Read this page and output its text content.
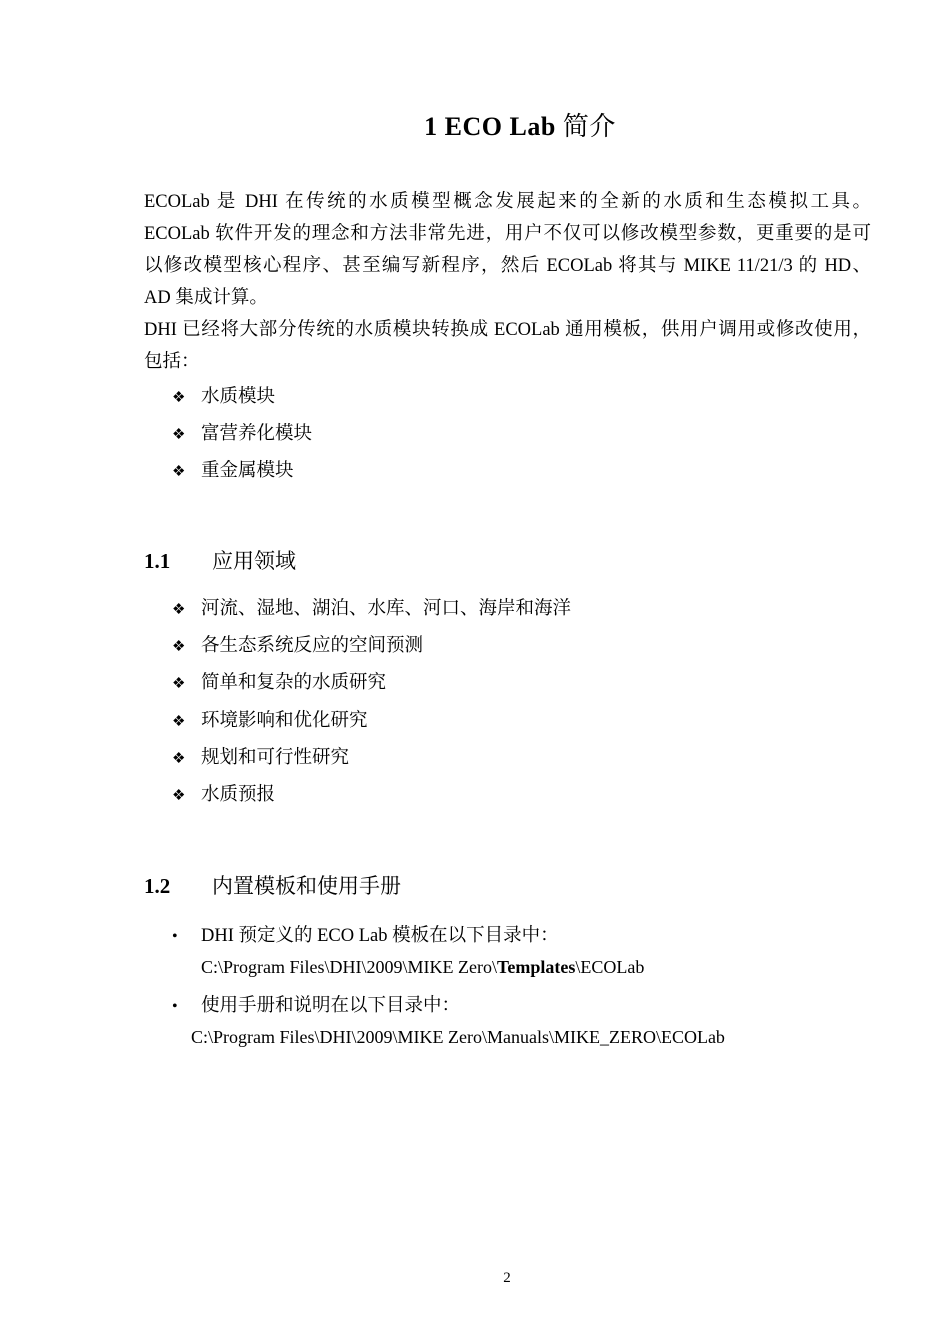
1 ECO Lab 简介
ECOLab 是 DHI 在传统的水质模型概念发展起来的全新的水质和生态模拟工具。
ECOLab 软件开发的理念和方法非常先进，用户不仅可以修改模型参数，更重要的是可
以修改模型核心程序、甚至编写新程序，然后 ECOLab 将其与 MIKE 11/21/3 的 HD、
AD 集成计算。
DHI 已经将大部分传统的水质模块转换成 ECOLab 通用模板，供用户调用或修改使用，
包括：
❖ 水质模块
❖ 富营养化模块
❖ 重金属模块
1.1 应用领域
❖ 河流、湿地、湖泊、水库、河口、海岸和海洋
❖ 各生态系统反应的空间预测
❖ 简单和复杂的水质研究
❖ 环境影响和优化研究
❖ 规划和可行性研究
❖ 水质预报
1.2 内置模板和使用手册
• DHI 预定义的 ECO Lab 模板在以下目录中：
C:\Program Files\DHI\2009\MIKE Zero\Templates\ECOLab
• 使用手册和说明在以下目录中：
C:\Program Files\DHI\2009\MIKE Zero\Manuals\MIKE_ZERO\ECOLab
2
